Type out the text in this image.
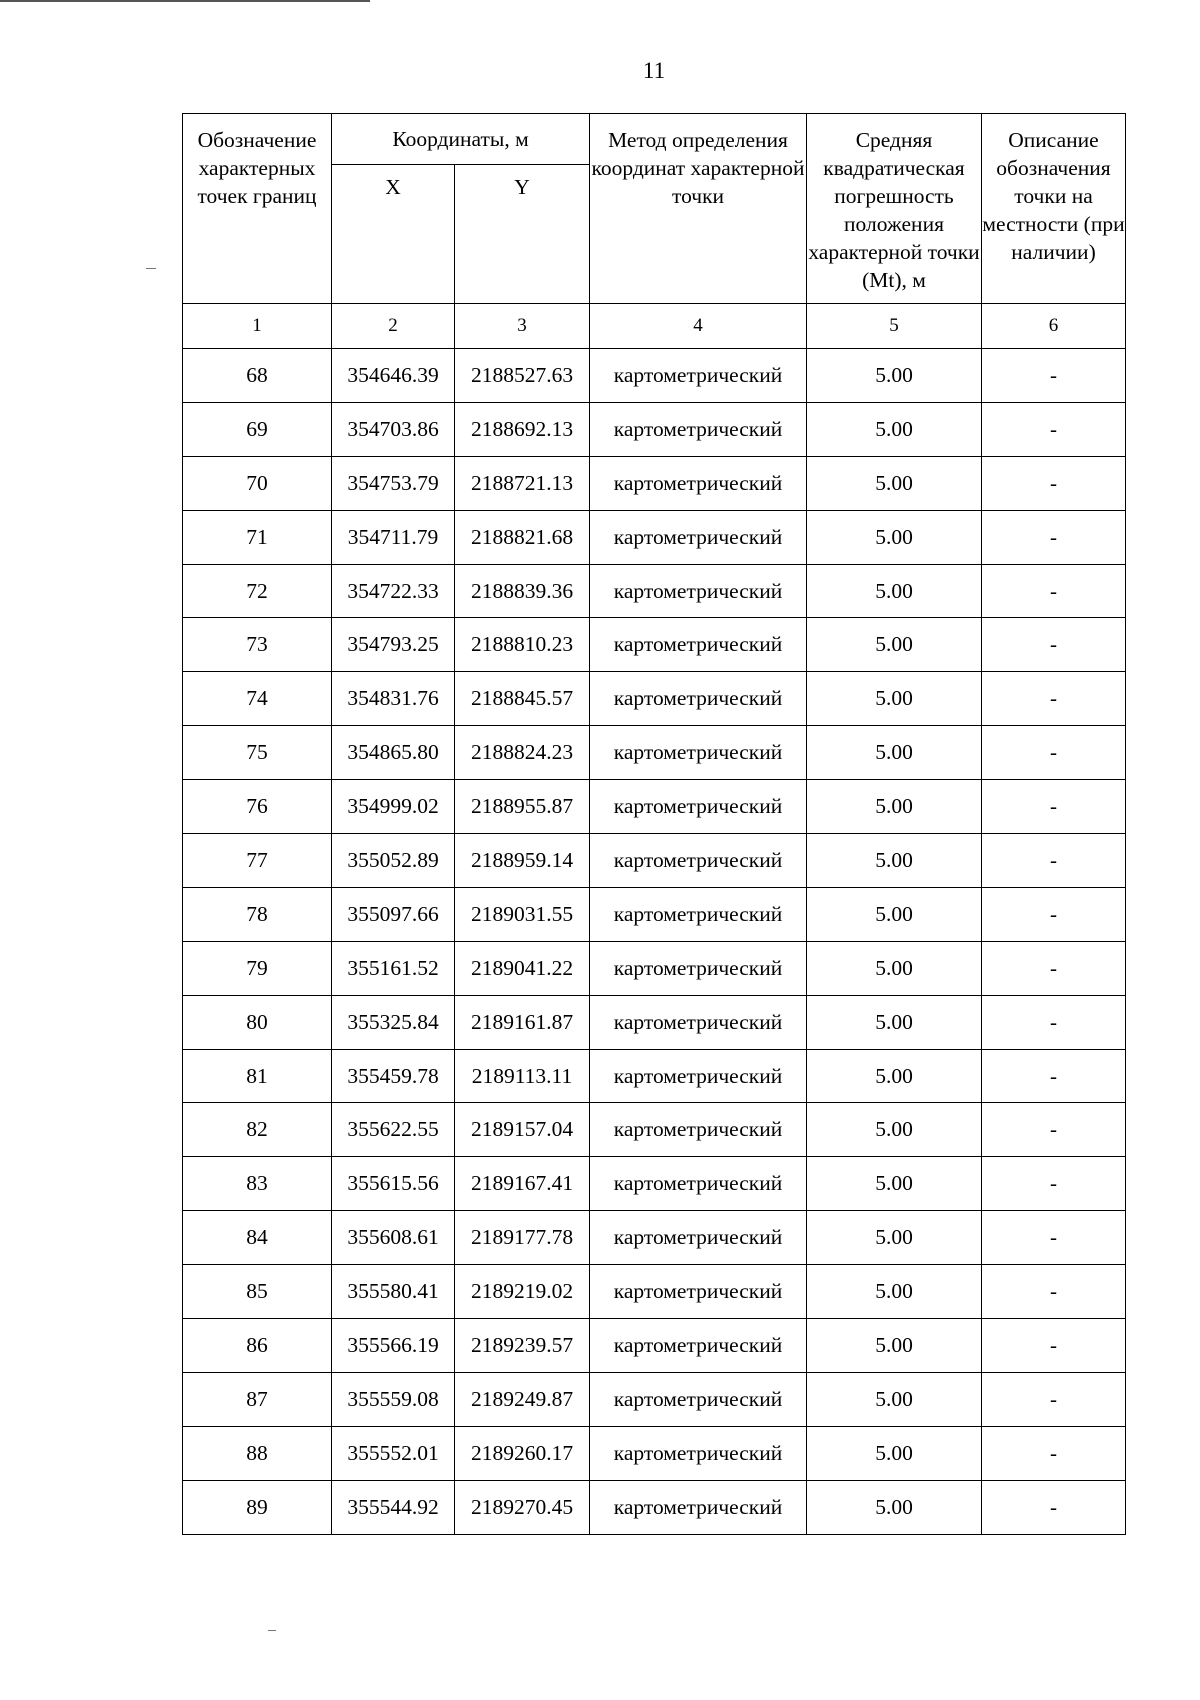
11
Обозначение характерных точек границ	Координаты, м		Метод определения координат характерной точки	Средняя квадратическая погрешность положения характерной точки (Mt), м	Описание обозначения точки на местности (при наличии)
	X	Y			
1	2	3	4	5	6
68	354646.39	2188527.63	картометрический	5.00	-
69	354703.86	2188692.13	картометрический	5.00	-
70	354753.79	2188721.13	картометрический	5.00	-
71	354711.79	2188821.68	картометрический	5.00	-
72	354722.33	2188839.36	картометрический	5.00	-
73	354793.25	2188810.23	картометрический	5.00	-
74	354831.76	2188845.57	картометрический	5.00	-
75	354865.80	2188824.23	картометрический	5.00	-
76	354999.02	2188955.87	картометрический	5.00	-
77	355052.89	2188959.14	картометрический	5.00	-
78	355097.66	2189031.55	картометрический	5.00	-
79	355161.52	2189041.22	картометрический	5.00	-
80	355325.84	2189161.87	картометрический	5.00	-
81	355459.78	2189113.11	картометрический	5.00	-
82	355622.55	2189157.04	картометрический	5.00	-
83	355615.56	2189167.41	картометрический	5.00	-
84	355608.61	2189177.78	картометрический	5.00	-
85	355580.41	2189219.02	картометрический	5.00	-
86	355566.19	2189239.57	картометрический	5.00	-
87	355559.08	2189249.87	картометрический	5.00	-
88	355552.01	2189260.17	картометрический	5.00	-
89	355544.92	2189270.45	картометрический	5.00	-
